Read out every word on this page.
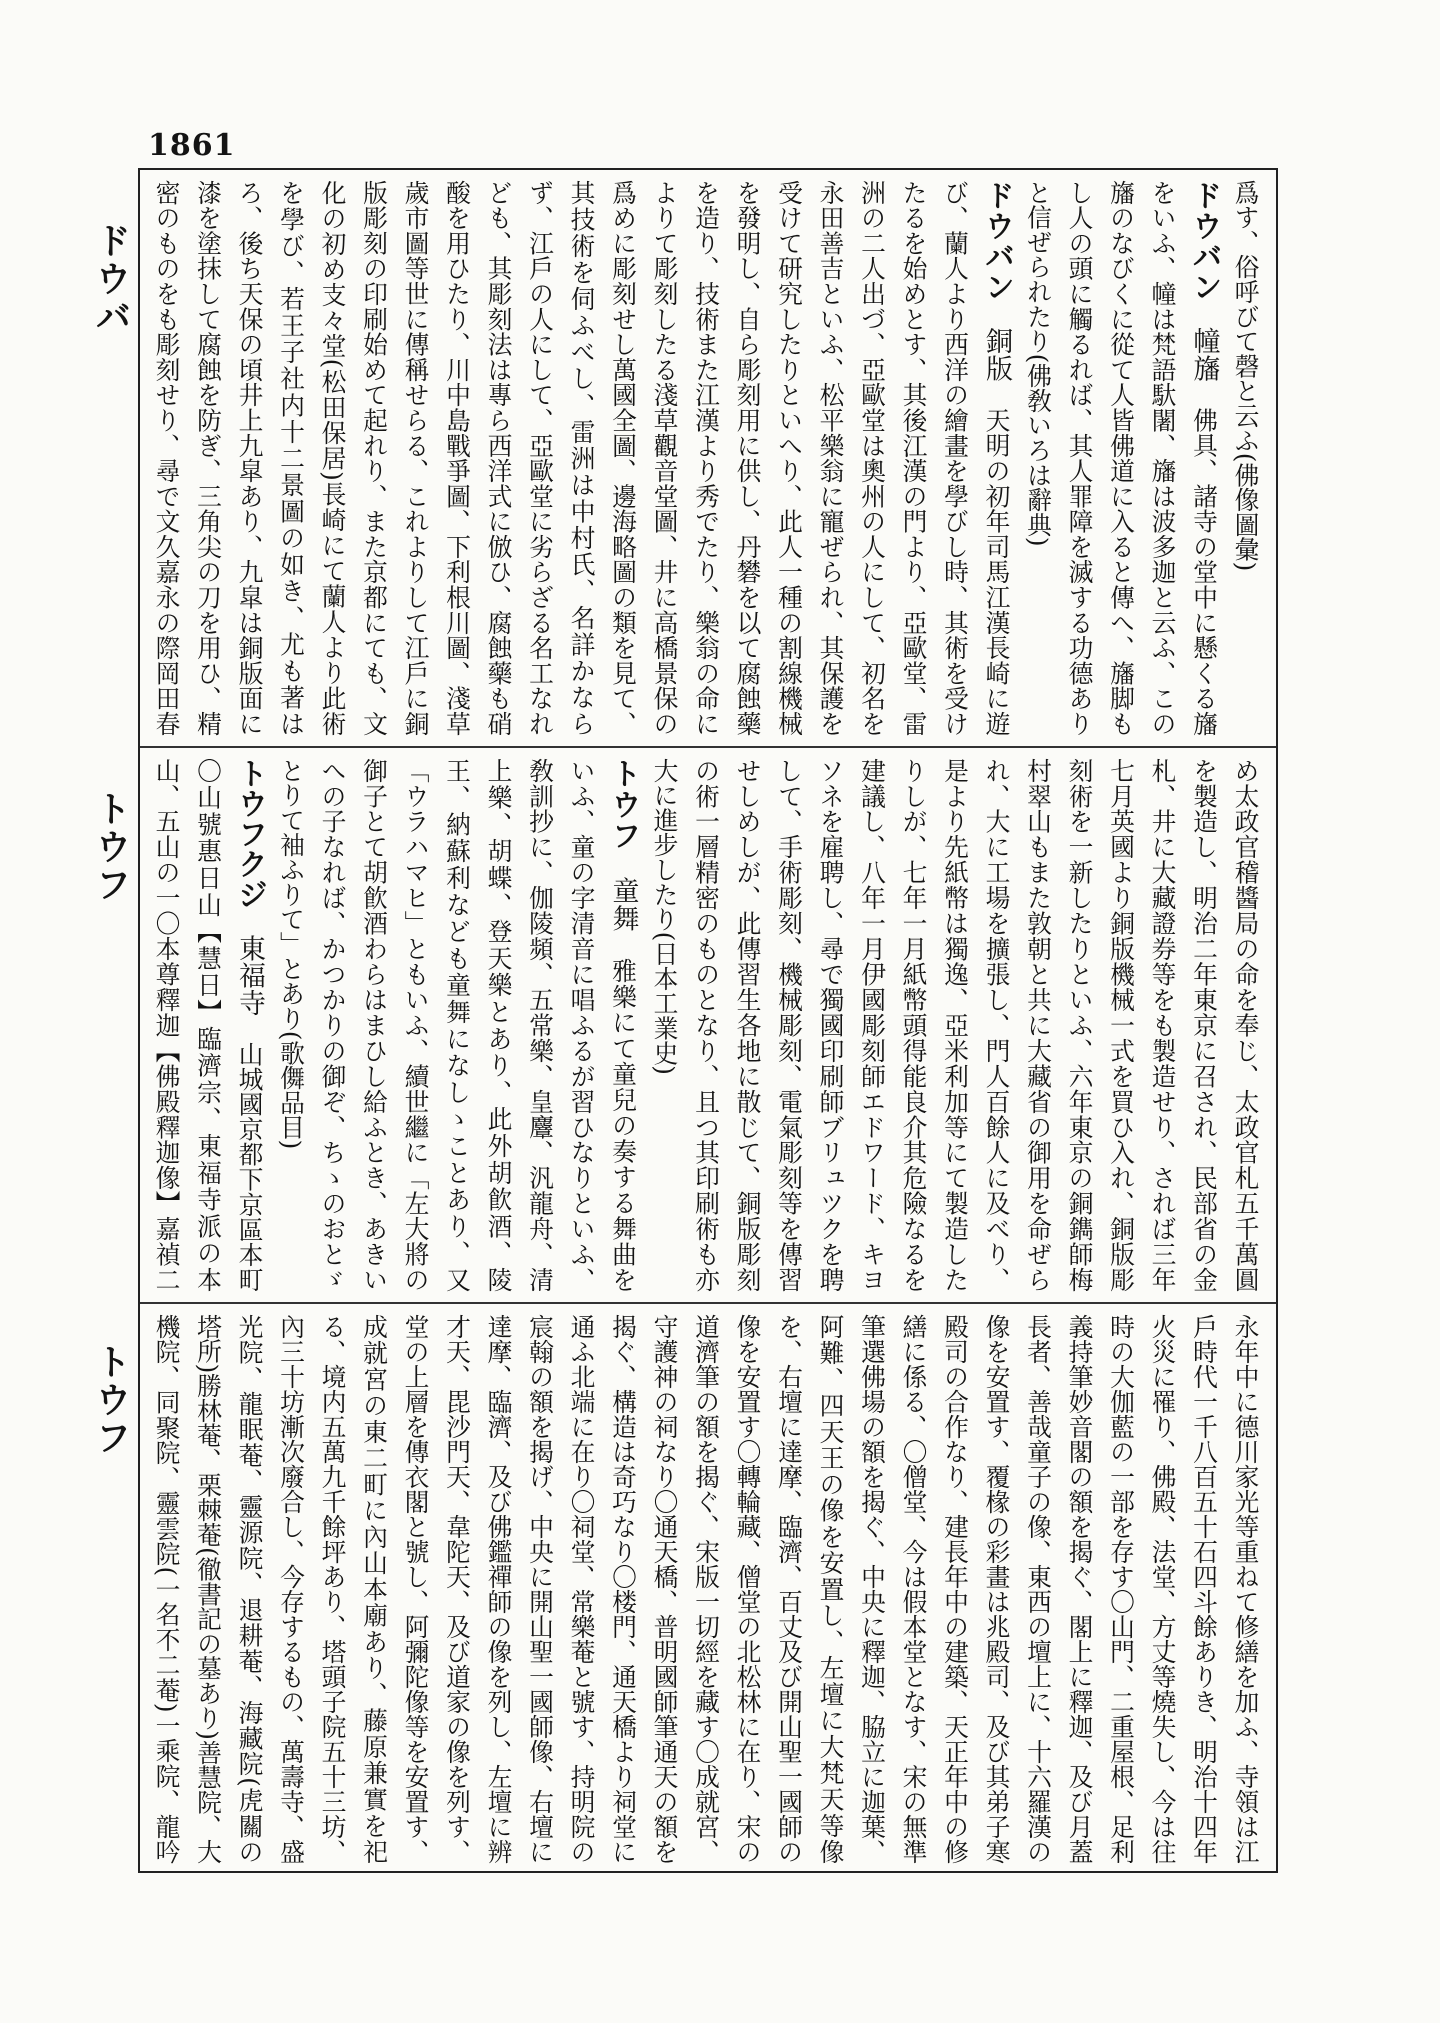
1861
ドウバ
トウフ
トウフ

爲す、俗呼びて磬と云ふ(佛像圖彙)

ドウバン　幢旛　佛具、諸寺の堂中に懸くる旛をいふ、幢は梵語馱闍、旛は波多迦と云ふ、この旛のなびくに從て人皆佛道に入ると傳へ、旛脚もし人の頭に觸るれば、其人罪障を滅する功德ありと信ぜられたり(佛敎いろは辭典)

ドウバン　銅版　天明の初年司馬江漢長崎に遊び、蘭人より西洋の繪畫を學びし時、其術を受けたるを始めとす、其後江漢の門より、亞歐堂、雷洲の二人出づ、亞歐堂は奧州の人にして、初名を永田善吉といふ、松平樂翁に寵ぜられ、其保護を受けて研究したりといへり、此人一種の割線機械を發明し、自ら彫刻用に供し、丹礬を以て腐蝕藥を造り、技術また江漢より秀でたり、樂翁の命によりて彫刻したる淺草觀音堂圖、井に高橋景保の爲めに彫刻せし萬國全圖、邊海略圖の類を見て、其技術を伺ふべし、雷洲は中村氏、名詳かならず、江戶の人にして、亞歐堂に劣らざる名工なれども、其彫刻法は專ら西洋式に倣ひ、腐蝕藥も硝酸を用ひたり、川中島戰爭圖、下利根川圖、淺草歲市圖等世に傳稱せらる、これよりして江戶に銅版彫刻の印刷始めて起れり、また京都にても、文化の初め支々堂(松田保居)長崎にて蘭人より此術を學び、若王子社内十二景圖の如き、尤も著はろ、後ち天保の頃井上九皐あり、九皐は銅版面に漆を塗抹して腐蝕を防ぎ、三角尖の刀を用ひ、精密のものをも彫刻せり、尋で文久嘉永の際岡田春

め太政官稽醬局の命を奉じ、太政官札五千萬圓を製造し、明治二年東京に召され、民部省の金札、井に大藏證券等をも製造せり、されば三年七月英國より銅版機械一式を買ひ入れ、銅版彫刻術を一新したりといふ、六年東京の銅鐫師梅村翠山もまた敦朝と共に大藏省の御用を命ぜられ、大に工場を擴張し、門人百餘人に及べり、是より先紙幣は獨逸、亞米利加等にて製造したりしが、七年一月紙幣頭得能良介其危險なるを建議し、八年一月伊國彫刻師エドワード、キヨソネを雇聘し、尋で獨國印刷師ブリュツクを聘して、手術彫刻、機械彫刻、電氣彫刻等を傳習せしめしが、此傳習生各地に散じて、銅版彫刻の術一層精密のものとなり、且つ其印刷術も亦大に進步したり(日本工業史)

トウフ　童舞　雅樂にて童兒の奏する舞曲をいふ、童の字清音に唱ふるが習ひなりといふ、敎訓抄に、伽陵頻、五常樂、皇麞、汎龍舟、清上樂、胡蝶、登天樂とあり、此外胡飮酒、陵王、納蘇利なども童舞になしゝことあり、又「ウラハマヒ」ともいふ、續世繼に「左大將の御子とて胡飮酒わらはまひし給ふとき、あきいへの子なれば、かつかりの御ぞ、ちゝのおとゞとりて袖ふりて」とあり(歌儛品目)

トウフクジ　東福寺　山城國京都下京區本町〇山號惠日山【慧日】臨濟宗、東福寺派の本山、五山の一〇本尊釋迦【佛殿釋迦像】嘉禎二

永年中に德川家光等重ねて修繕を加ふ、寺領は江戶時代一千八百五十石四斗餘ありき、明治十四年火災に罹り、佛殿、法堂、方丈等燒失し、今は往時の大伽藍の一部を存す〇山門、二重屋根、足利義持筆妙音閣の額を揭ぐ、閣上に釋迦、及び月蓋長者、善哉童子の像、東西の壇上に、十六羅漢の像を安置す、覆椽の彩畫は兆殿司、及び其弟子寒殿司の合作なり、建長年中の建築、天正年中の修繕に係る、〇僧堂、今は假本堂となす、宋の無準筆選佛場の額を揭ぐ、中央に釋迦、脇立に迦葉、阿難、四天王の像を安置し、左壇に大梵天等像を、右壇に達摩、臨濟、百丈及び開山聖一國師の像を安置す〇轉輪藏、僧堂の北松林に在り、宋の道濟筆の額を揭ぐ、宋版一切經を藏す〇成就宮、守護神の祠なり〇通天橋、普明國師筆通天の額を揭ぐ、構造は奇巧なり〇楼門、通天橋より祠堂に通ふ北端に在り〇祠堂、常樂菴と號す、持明院の宸翰の額を揭げ、中央に開山聖一國師像、右壇に達摩、臨濟、及び佛鑑禪師の像を列し、左壇に辨才天、毘沙門天、韋陀天、及び道家の像を列す、堂の上層を傳衣閣と號し、阿彌陀像等を安置す、成就宮の東二町に內山本廟あり、藤原兼實を祀る、境内五萬九千餘坪あり、塔頭子院五十三坊、內三十坊漸次廢合し、今存するもの、萬壽寺、盛光院、龍眠菴、靈源院、退耕菴、海藏院(虎關の塔所)勝林菴、栗棘菴(徹書記の墓あり)善慧院、大機院、同聚院、靈雲院(一名不二菴)一乘院、龍吟
